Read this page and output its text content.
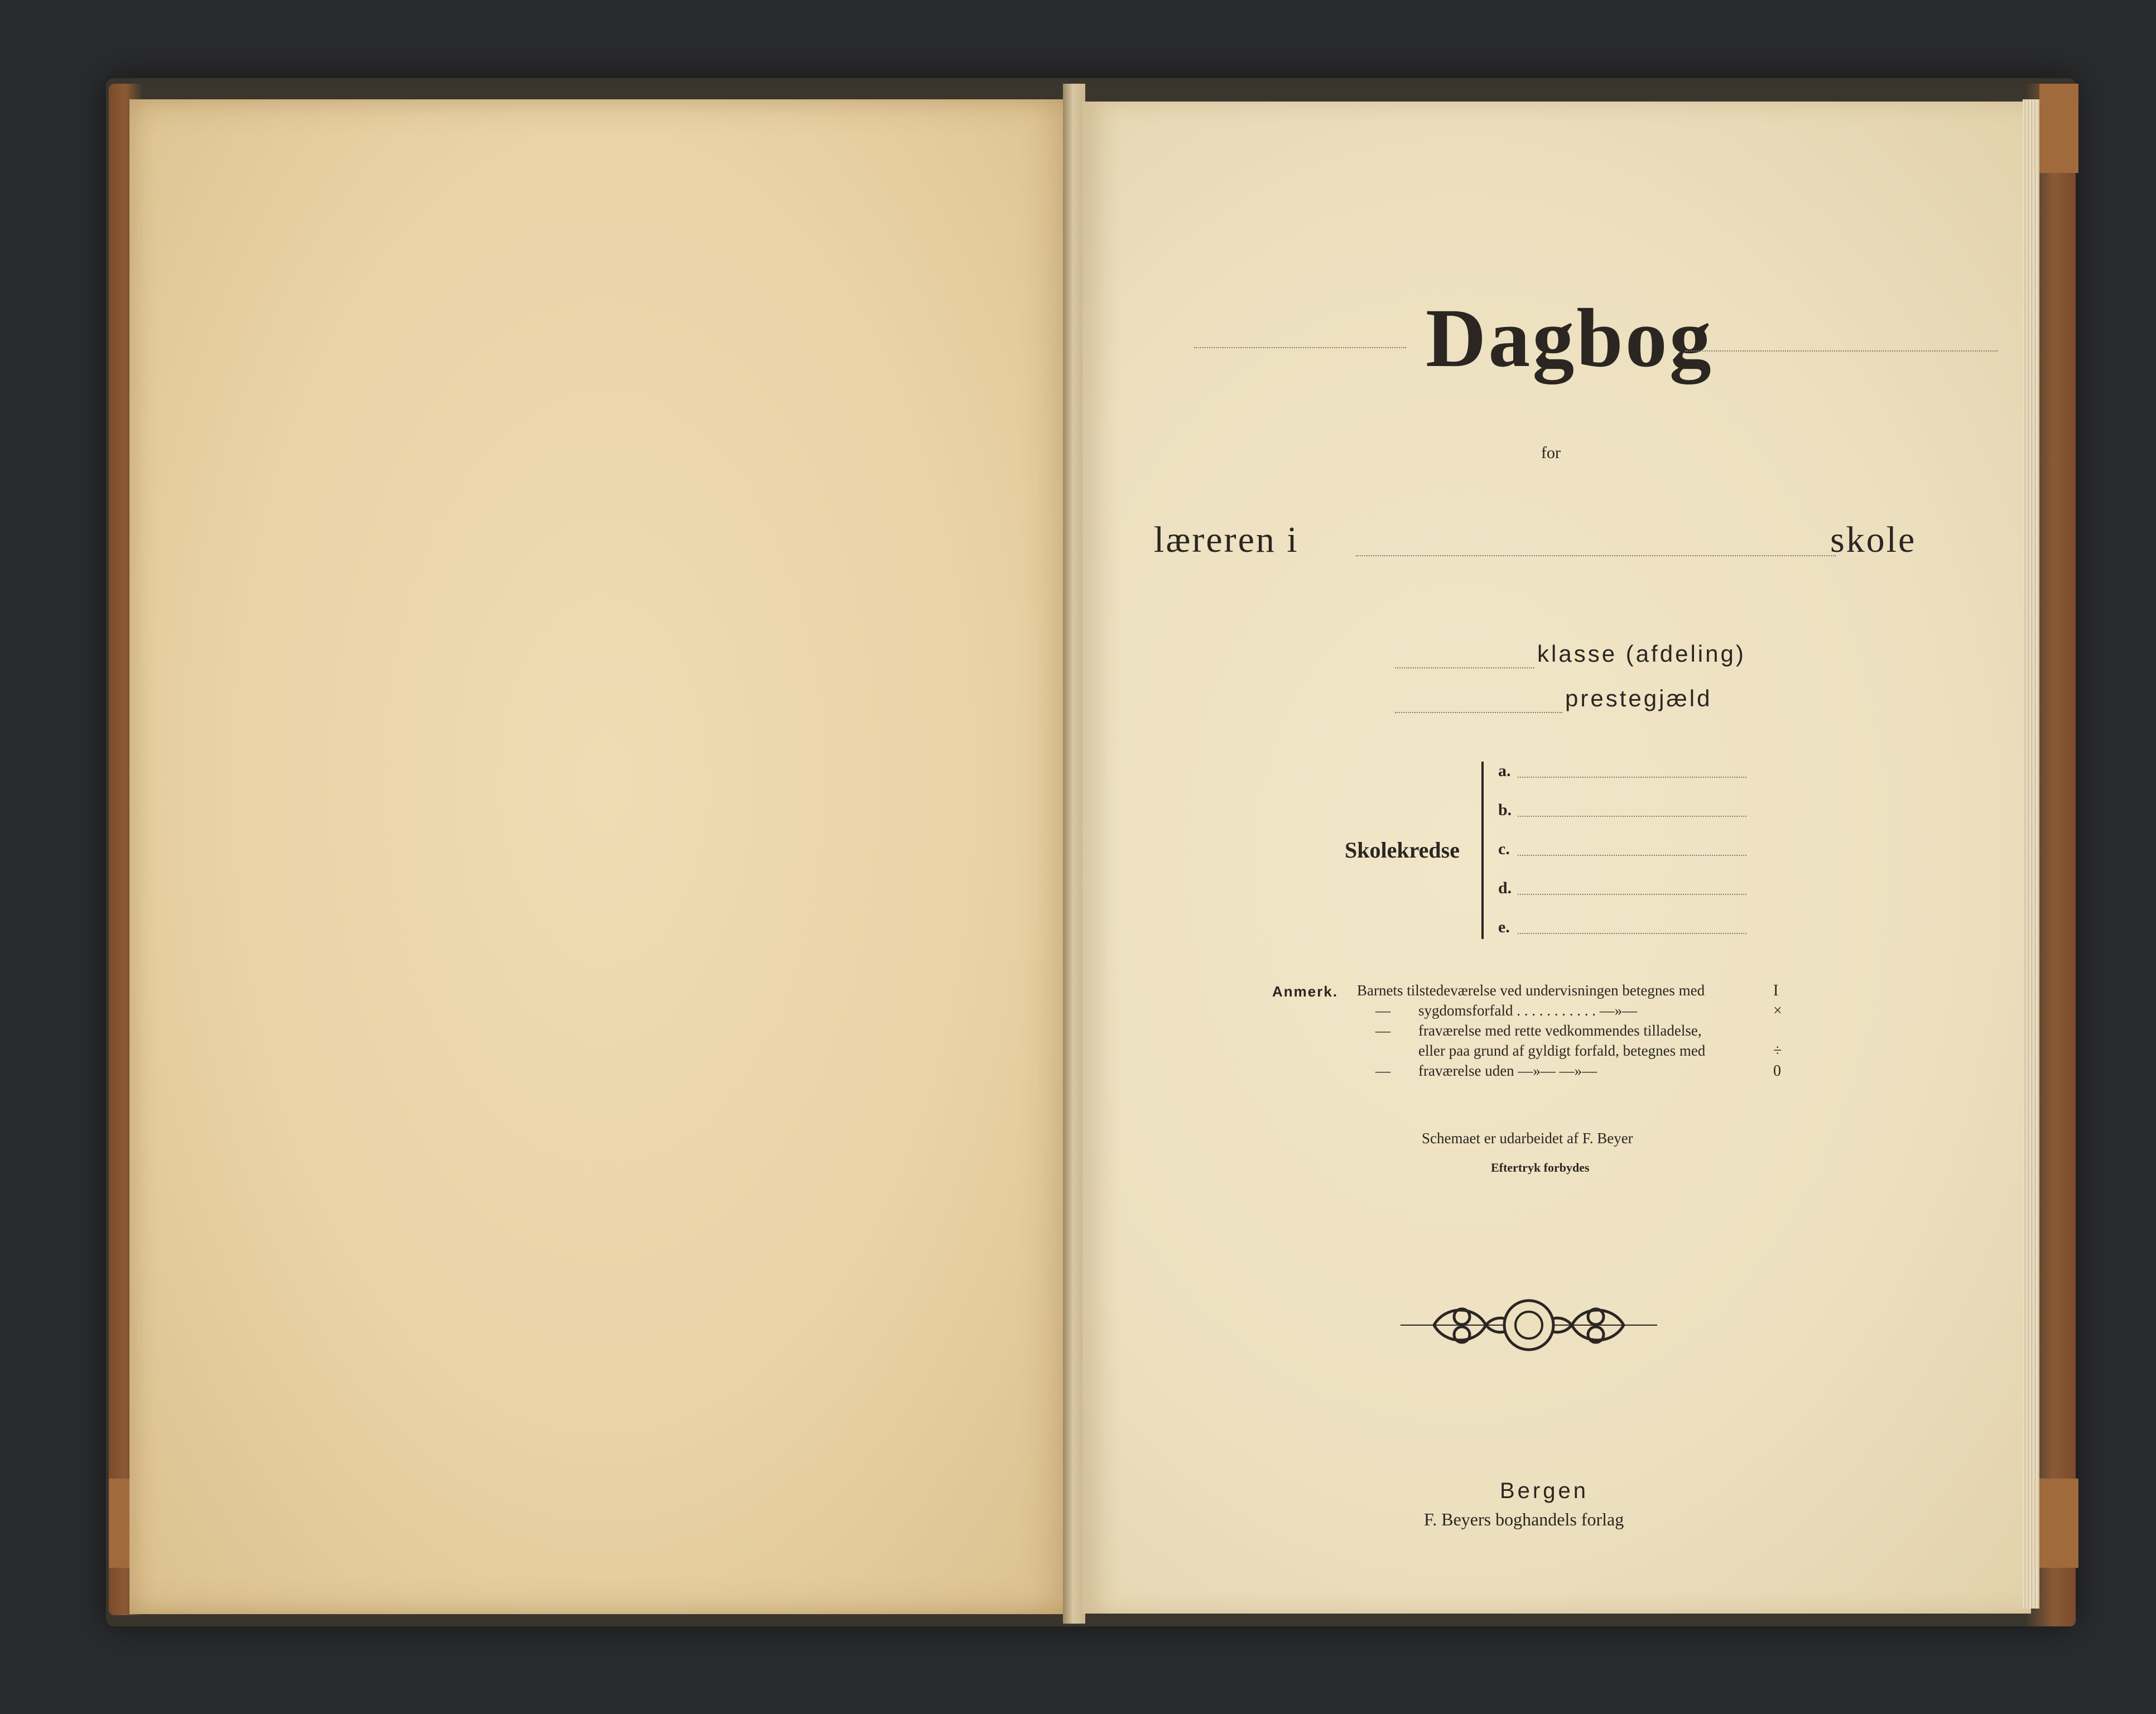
Dagbog
for
læreren i	skole
klasse (afdeling)
prestegjæld
Skolekredse
a.
b.
c.
d.
e.
Anmerk. Barnets tilstedeværelse ved undervisningen betegnes med	I
— sygdomsforfald . . . . . . . . . . . —»—	×
— fraværelse med rette vedkommendes tilladelse,
eller paa grund af gyldigt forfald, betegnes med	÷
— fraværelse uden —»— —»—	0
Schemaet er udarbeidet af F. Beyer
Eftertryk forbydes
Bergen
F. Beyers boghandels forlag
